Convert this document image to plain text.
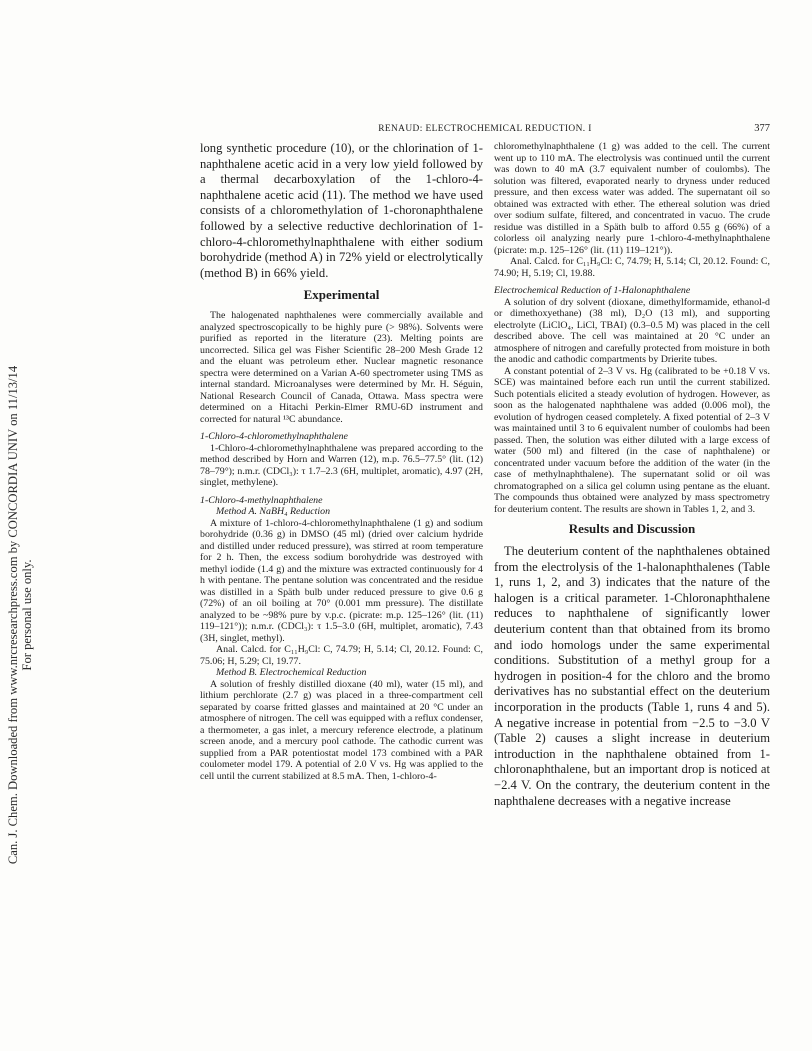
Can. J. Chem. Downloaded from www.nrcresearchpress.com by CONCORDIA UNIV on 11/13/14 For personal use only.
RENAUD: ELECTROCHEMICAL REDUCTION. I	377

long synthetic procedure (10), or the chlorination of 1-naphthalene acetic acid in a very low yield followed by a thermal decarboxylation of the 1-chloro-4-naphthalene acetic acid (11). The method we have used consists of a chloromethylation of 1-choronaphthalene followed by a selective reductive dechlorination of 1-chloro-4-chloromethylnaphthalene with either sodium borohydride (method A) in 72% yield or electrolytically (method B) in 66% yield.

Experimental

The halogenated naphthalenes were commercially available and analyzed spectroscopically to be highly pure (> 98%). Solvents were purified as reported in the literature (23). Melting points are uncorrected. Silica gel was Fisher Scientific 28–200 Mesh Grade 12 and the eluant was petroleum ether. Nuclear magnetic resonance spectra were determined on a Varian A-60 spectrometer using TMS as internal standard. Microanalyses were determined by Mr. H. Séguin, National Research Council of Canada, Ottawa. Mass spectra were determined on a Hitachi Perkin-Elmer RMU-6D instrument and corrected for natural ¹³C abundance.

1-Chloro-4-chloromethylnaphthalene

1-Chloro-4-chloromethylnaphthalene was prepared according to the method described by Horn and Warren (12), m.p. 76.5–77.5° (lit. (12) 78–79°); n.m.r. (CDCl₃): τ 1.7–2.3 (6H, multiplet, aromatic), 4.97 (2H, singlet, methylene).

1-Chloro-4-methylnaphthalene
Method A. NaBH₄ Reduction

A mixture of 1-chloro-4-chloromethylnaphthalene (1 g) and sodium borohydride (0.36 g) in DMSO (45 ml) (dried over calcium hydride and distilled under reduced pressure), was stirred at room temperature for 2 h. Then, the excess sodium borohydride was destroyed with methyl iodide (1.4 g) and the mixture was extracted continuously for 4 h with pentane. The pentane solution was concentrated and the residue was distilled in a Späth bulb under reduced pressure to give 0.6 g (72%) of an oil boiling at 70° (0.001 mm pressure). The distillate analyzed to be ~98% pure by v.p.c. (picrate: m.p. 125–126° (lit. (11) 119–121°)); n.m.r. (CDCl₃): τ 1.5–3.0 (6H, multiplet, aromatic), 7.43 (3H, singlet, methyl).

Anal. Calcd. for C₁₁H₉Cl: C, 74.79; H, 5.14; Cl, 20.12. Found: C, 75.06; H, 5.29; Cl, 19.77.

Method B. Electrochemical Reduction

A solution of freshly distilled dioxane (40 ml), water (15 ml), and lithium perchlorate (2.7 g) was placed in a three-compartment cell separated by coarse fritted glasses and maintained at 20 °C under an atmosphere of nitrogen. The cell was equipped with a reflux condenser, a thermometer, a gas inlet, a mercury reference electrode, a platinum screen anode, and a mercury pool cathode. The cathodic current was supplied from a PAR potentiostat model 173 combined with a PAR coulometer model 179. A potential of 2.0 V vs. Hg was applied to the cell until the current stabilized at 8.5 mA. Then, 1-chloro-4-

chloromethylnaphthalene (1 g) was added to the cell. The current went up to 110 mA. The electrolysis was continued until the current was down to 40 mA (3.7 equivalent number of coulombs). The solution was filtered, evaporated nearly to dryness under reduced pressure, and then excess water was added. The supernatant oil so obtained was extracted with ether. The ethereal solution was dried over sodium sulfate, filtered, and concentrated in vacuo. The crude residue was distilled in a Späth bulb to afford 0.55 g (66%) of a colorless oil analyzing nearly pure 1-chloro-4-methylnaphthalene (picrate: m.p. 125–126° (lit. (11) 119–121°)).

Anal. Calcd. for C₁₁H₉Cl: C, 74.79; H, 5.14; Cl, 20.12. Found: C, 74.90; H, 5.19; Cl, 19.88.

Electrochemical Reduction of 1-Halonaphthalene

A solution of dry solvent (dioxane, dimethylformamide, ethanol-d or dimethoxyethane) (38 ml), D₂O (13 ml), and supporting electrolyte (LiClO₄, LiCl, TBAI) (0.3–0.5 M) was placed in the cell described above. The cell was maintained at 20 °C under an atmosphere of nitrogen and carefully protected from moisture in both the anodic and cathodic compartments by Drierite tubes.

A constant potential of 2–3 V vs. Hg (calibrated to be +0.18 V vs. SCE) was maintained before each run until the current stabilized. Such potentials elicited a steady evolution of hydrogen. However, as soon as the halogenated naphthalene was added (0.006 mol), the evolution of hydrogen ceased completely. A fixed potential of 2–3 V was maintained until 3 to 6 equivalent number of coulombs had been passed. Then, the solution was either diluted with a large excess of water (500 ml) and filtered (in the case of naphthalene) or concentrated under vacuum before the addition of the water (in the case of methylnaphthalene). The supernatant solid or oil was chromatographed on a silica gel column using pentane as the eluant. The compounds thus obtained were analyzed by mass spectrometry for deuterium content. The results are shown in Tables 1, 2, and 3.

Results and Discussion

The deuterium content of the naphthalenes obtained from the electrolysis of the 1-halonaphthalenes (Table 1, runs 1, 2, and 3) indicates that the nature of the halogen is a critical parameter. 1-Chloronaphthalene reduces to naphthalene of significantly lower deuterium content than that obtained from its bromo and iodo homologs under the same experimental conditions. Substitution of a methyl group for a hydrogen in position-4 for the chloro and the bromo derivatives has no substantial effect on the deuterium incorporation in the products (Table 1, runs 4 and 5). A negative increase in potential from −2.5 to −3.0 V (Table 2) causes a slight increase in deuterium introduction in the naphthalene obtained from 1-chloronaphthalene, but an important drop is noticed at −2.4 V. On the contrary, the deuterium content in the naphthalene decreases with a negative increase
